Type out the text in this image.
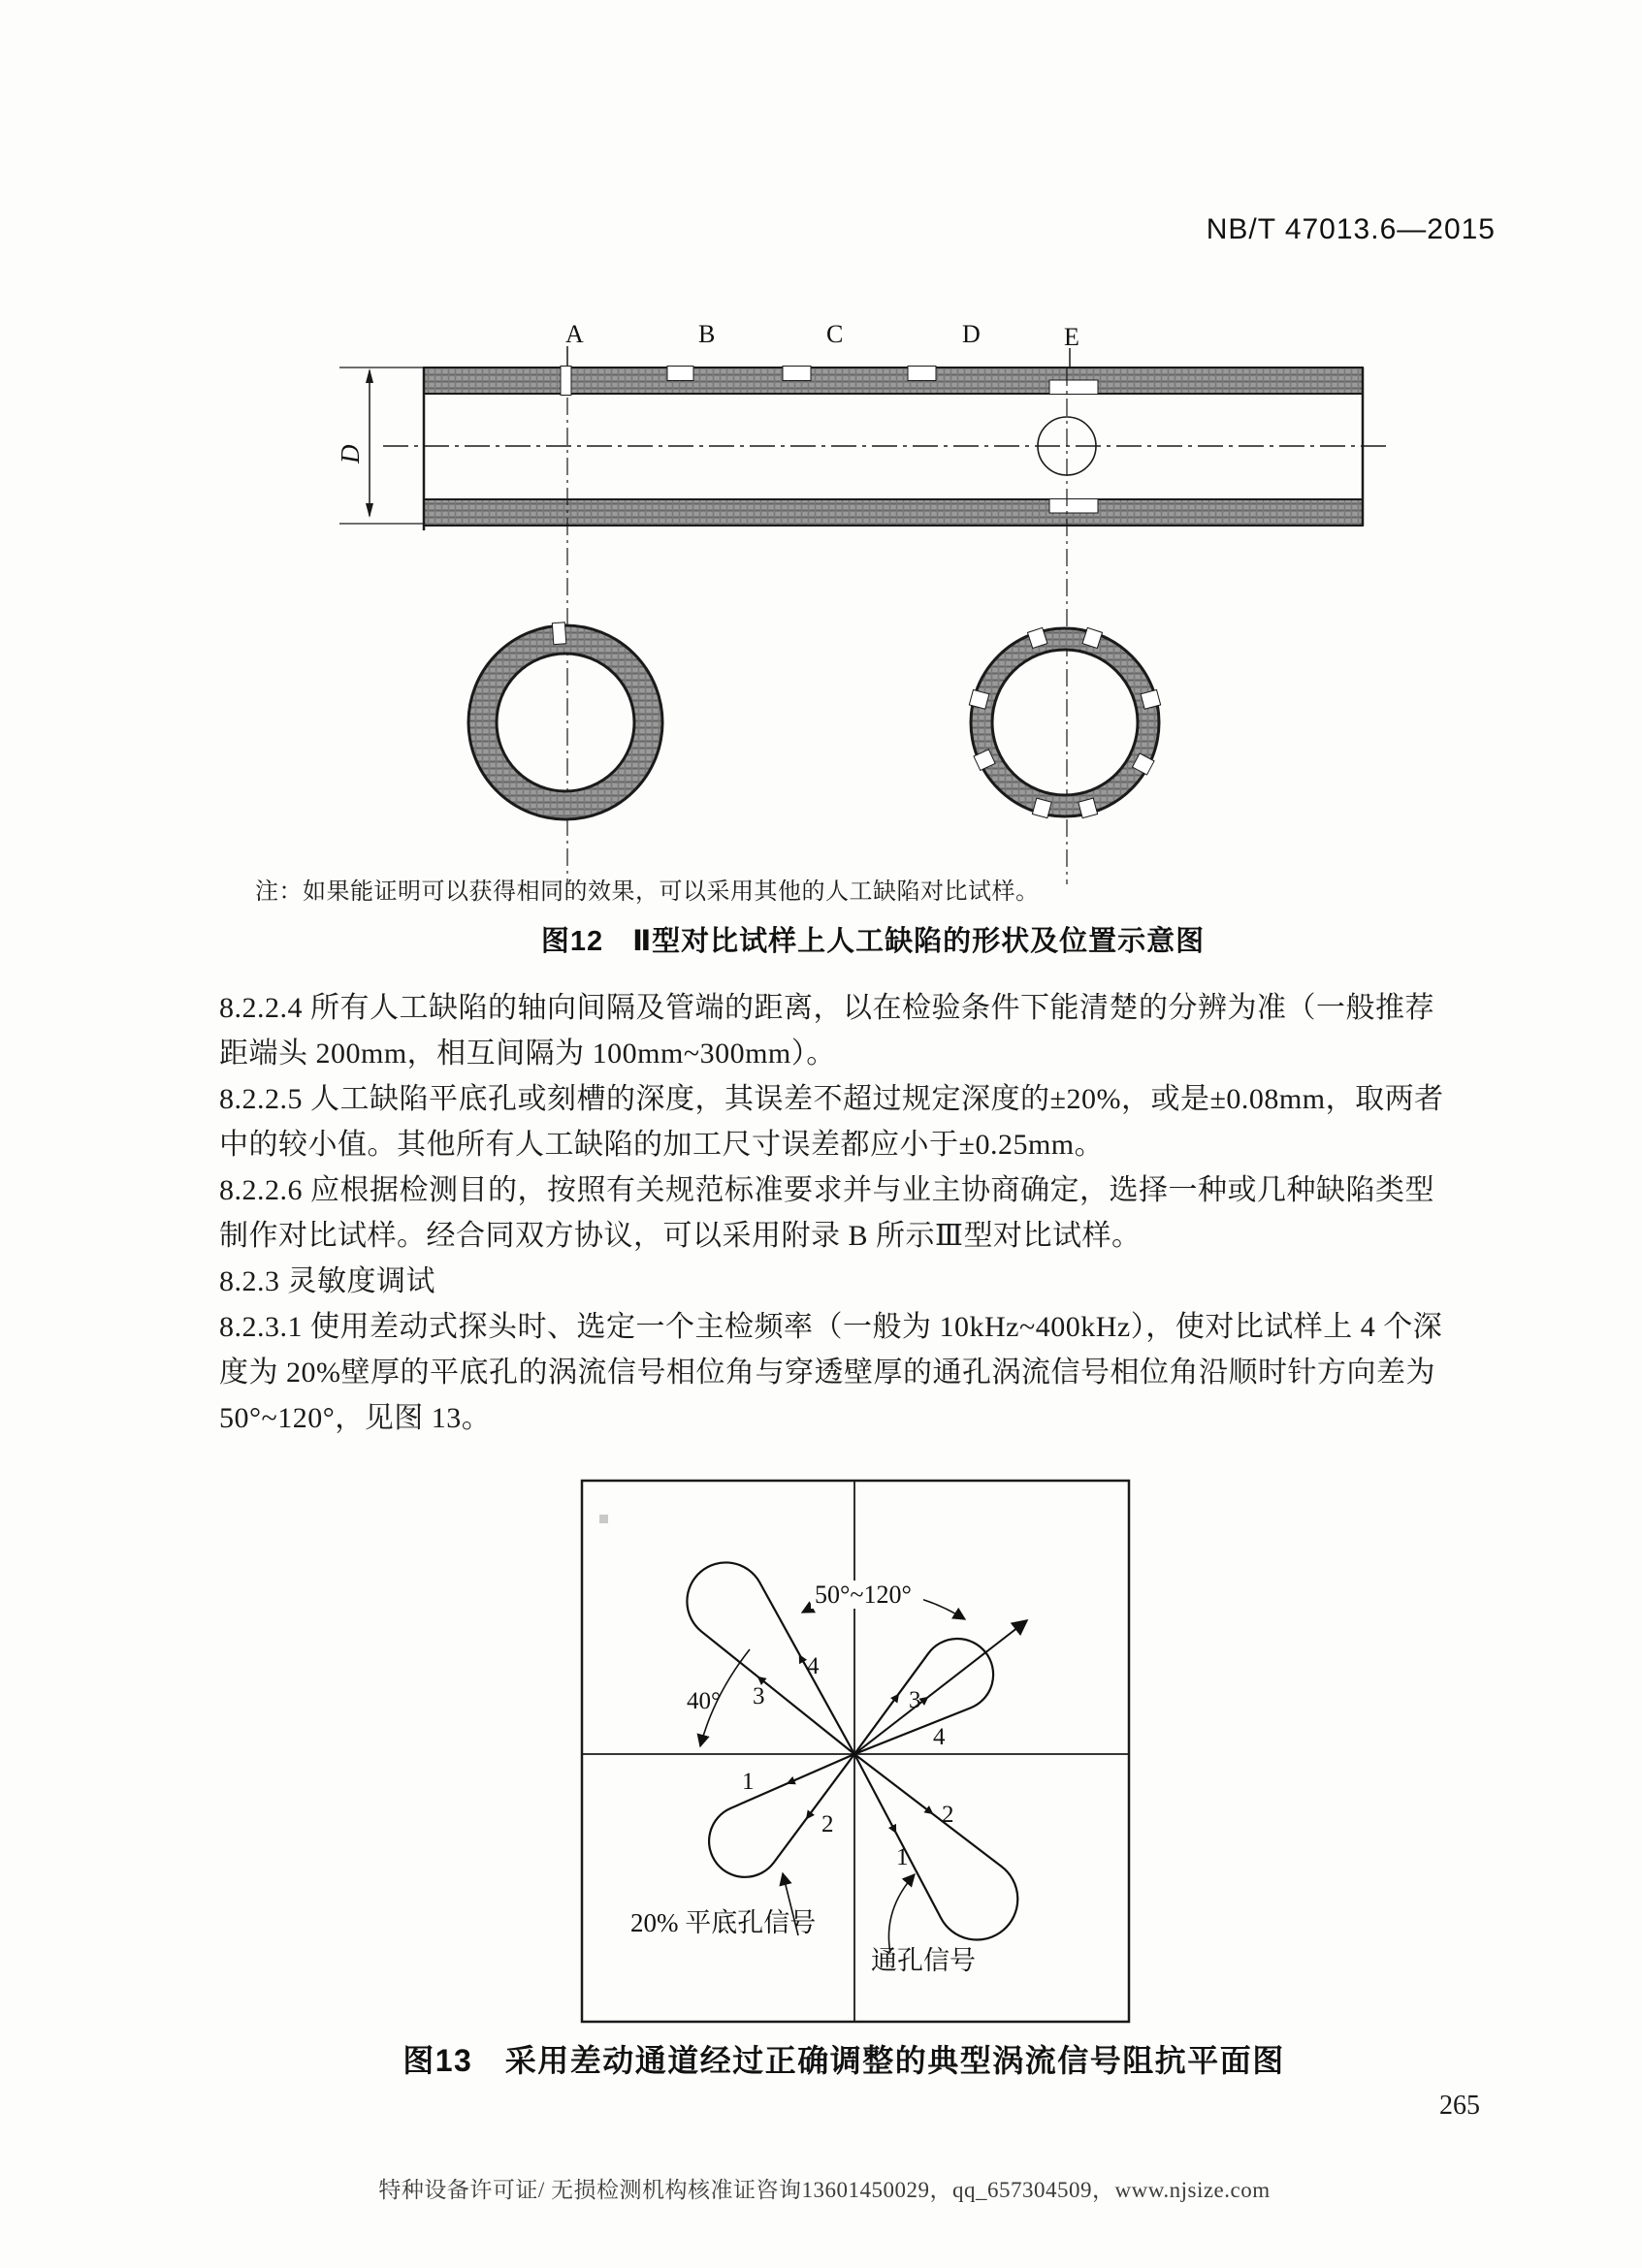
NB/T 47013.6—2015
A	B	C	D	E
D
注：如果能证明可以获得相同的效果，可以采用其他的人工缺陷对比试样。
图12　Ⅱ型对比试样上人工缺陷的形状及位置示意图
8.2.2.4 所有人工缺陷的轴向间隔及管端的距离，以在检验条件下能清楚的分辨为准（一般推荐
距端头 200mm，相互间隔为 100mm~300mm）。
8.2.2.5 人工缺陷平底孔或刻槽的深度，其误差不超过规定深度的±20%，或是±0.08mm，取两者
中的较小值。其他所有人工缺陷的加工尺寸误差都应小于±0.25mm。
8.2.2.6 应根据检测目的，按照有关规范标准要求并与业主协商确定，选择一种或几种缺陷类型
制作对比试样。经合同双方协议，可以采用附录 B 所示Ⅲ型对比试样。
8.2.3 灵敏度调试
8.2.3.1 使用差动式探头时、选定一个主检频率（一般为 10kHz~400kHz），使对比试样上 4 个深
度为 20%壁厚的平底孔的涡流信号相位角与穿透壁厚的通孔涡流信号相位角沿顺时针方向差为
50°~120°，见图 13。
50°~120°
40°
4
3	3
4
1
2	2
1
20% 平底孔信号
通孔信号
图13　采用差动通道经过正确调整的典型涡流信号阻抗平面图
265
特种设备许可证/ 无损检测机构核准证咨询13601450029，qq_657304509，www.njsize.com
